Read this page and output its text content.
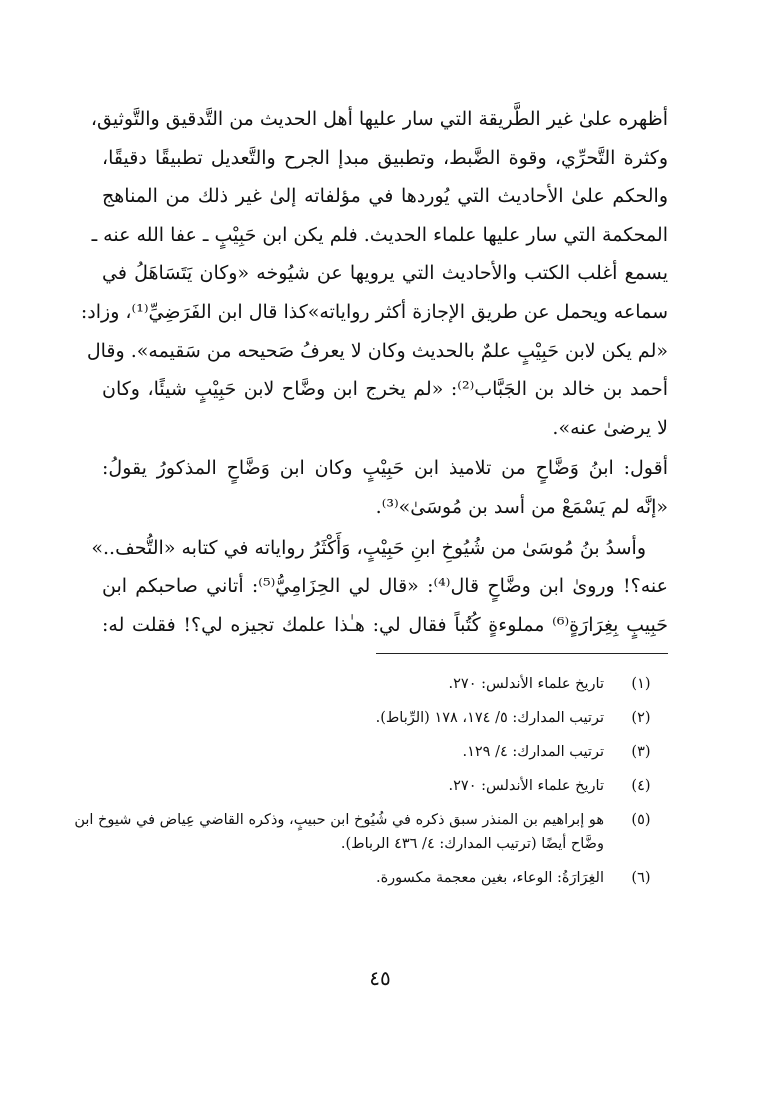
أظهره علىٰ غير الطَّريقة التي سار عليها أهل الحديث من التَّدقيق والتَّوثيق،
وكثرة التَّحرِّي، وقوة الضَّبط، وتطبيق مبدإ الجرح والتَّعديل تطبيقًا دقيقًا،
والحكم علىٰ الأحاديث التي يُوردها في مؤلفاته إلىٰ غير ذلك من المناهج
المحكمة التي سار عليها علماء الحديث. فلم يكن ابن حَبِيْبٍ ـ عفا الله عنه ـ
يسمع أغلب الكتب والأحاديث التي يرويها عن شيُوخه «وكان يَتَسَاهَلُ في
سماعه ويحمل عن طريق الإجازة أكثر رواياته»كذا قال ابن الفَرَضِيِّ⁽¹⁾، وزاد:
«لم يكن لابن حَبِيْبٍ علمٌ بالحديث وكان لا يعرفُ صَحيحه من سَقيمه». وقال
أحمد بن خالد بن الجَبَّاب⁽²⁾: «لم يخرج ابن وضَّاح لابن حَبِيْبٍ شيئًا، وكان
لا يرضىٰ عنه».
أقول: ابنُ وَضَّاحٍ من تلاميذ ابن حَبِيْبٍ وكان ابن وَضَّاحٍ المذكورُ يقولُ:
«إنَّه لم يَسْمَعْ من أسد بن مُوسَىٰ»⁽³⁾.
وأسدُ بنُ مُوسَىٰ من شُيُوخِ ابنِ حَبِيْبٍ، وَأَكْثَرُ رواياته في كتابه «التُّحف..»
عنه؟! وروىٰ ابن وضَّاحٍ قال⁽⁴⁾: «قال لي الحِزَامِيُّ⁽⁵⁾: أتاني صاحبكم ابن
حَبِيبٍ بِغِرَارَةٍ⁽⁶⁾ مملوءةٍ كُتُباً فقال لي: هـٰذا علمك تجيزه لي؟! فقلت له:
(١)
تاريخ علماء الأندلس: ٢٧٠.
(٢)
ترتيب المدارك: ٥/ ١٧٤، ١٧٨ (الرِّباط).
(٣)
ترتيب المدارك: ٤/ ١٢٩.
(٤)
تاريخ علماء الأندلس: ٢٧٠.
(٥)
هو إبراهيم بن المنذر سبق ذكره في شُيُوخ ابن حبيبٍ، وذكره القاضي عِياض في شيوخ ابن
وضَّاح أيضًا (ترتيب المدارك: ٤/ ٤٣٦ الرباط).
(٦)
الغِرَارَةُ: الوعاء، بغين معجمة مكسورة.
٤٥
